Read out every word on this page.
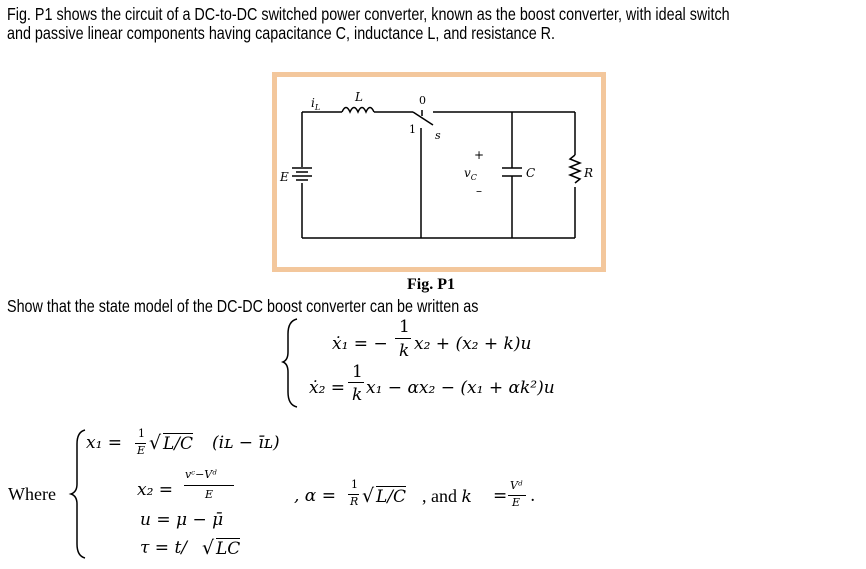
Fig. P1 shows the circuit of a DC-to-DC switched power converter, known as the boost converter, with ideal switch
and passive linear components having capacitance C, inductance L, and resistance R.
$i_L$
L	0
1 s
E
+
–
$v_C$	C	R
Fig. P1
Show that the state model of the DC-DC boost converter can be written as
ẋ₁ = −
1
k x₂ + (x₂ + k)u
ẋ₂ =
1
k x₁ − αx₂ − (x₁ + αk²)u
Where
x₁ = 1
E √ L/C (iʟ − īʟ)
x₂ =
vᶜ−Vᵈ
E
u = μ − μ̄
τ = t/ √ LC
, α =
1
R √ L/C , and k =
Vᵈ
E .
